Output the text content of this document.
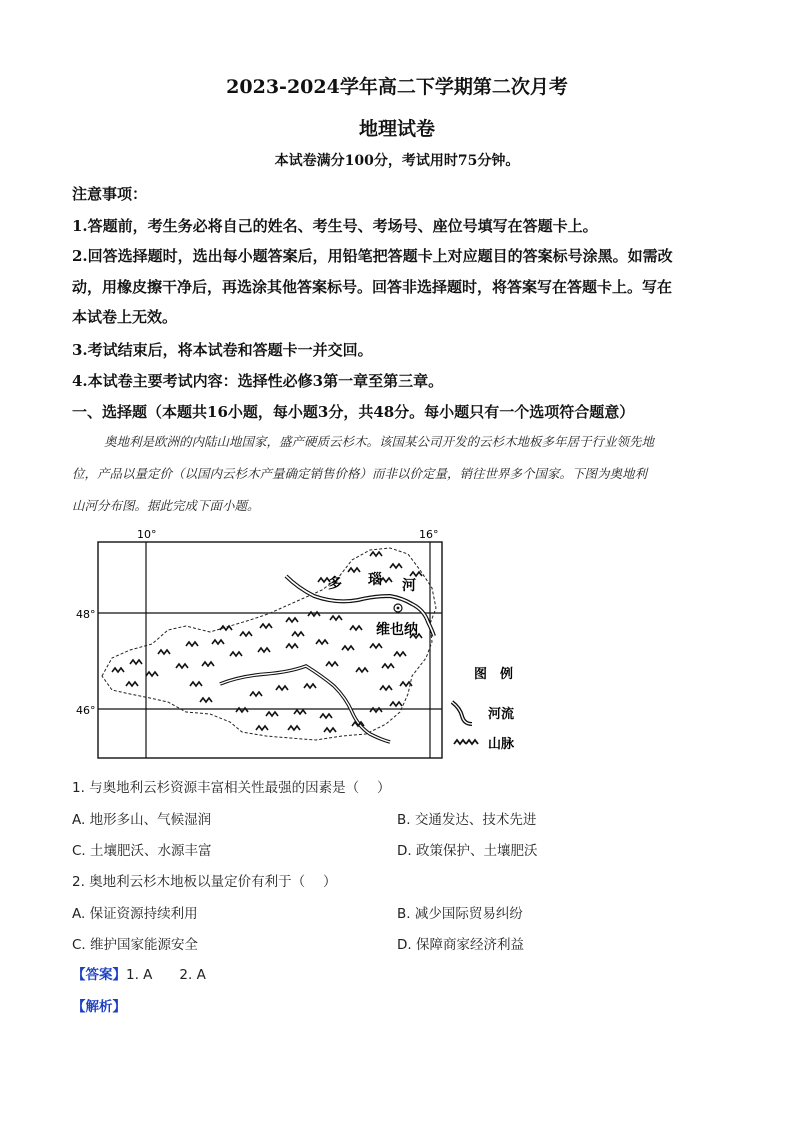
2023-2024学年高二下学期第二次月考
地理试卷
本试卷满分100分，考试用时75分钟。
注意事项：
1.答题前，考生务必将自己的姓名、考生号、考场号、座位号填写在答题卡上。
2.回答选择题时，选出每小题答案后，用铅笔把答题卡上对应题目的答案标号涂黑。如需改
动，用橡皮擦干净后，再选涂其他答案标号。回答非选择题时，将答案写在答题卡上。写在
本试卷上无效。
3.考试结束后，将本试卷和答题卡一并交回。
4.本试卷主要考试内容：选择性必修3第一章至第三章。
一、选择题（本题共16小题，每小题3分，共48分。每小题只有一个选项符合题意）
奥地利是欧洲的内陆山地国家，盛产硬质云杉木。该国某公司开发的云杉木地板多年居于行业领先地
位，产品以量定价（以国内云杉木产量确定销售价格）而非以价定量，销往世界多个国家。下图为奥地利
山河分布图。据此完成下面小题。
10°	16°
48°
46°
多 瑙 河
维也纳
图　例
河流
山脉
1. 与奥地利云杉资源丰富相关性最强的因素是（　 ）
A. 地形多山、气候湿润	B. 交通发达、技术先进
C. 土壤肥沃、水源丰富	D. 政策保护、土壤肥沃
2. 奥地利云杉木地板以量定价有利于（　 ）
A. 保证资源持续利用	B. 减少国际贸易纠纷
C. 维护国家能源安全	D. 保障商家经济利益
【答案】1. A　　2. A
【解析】
